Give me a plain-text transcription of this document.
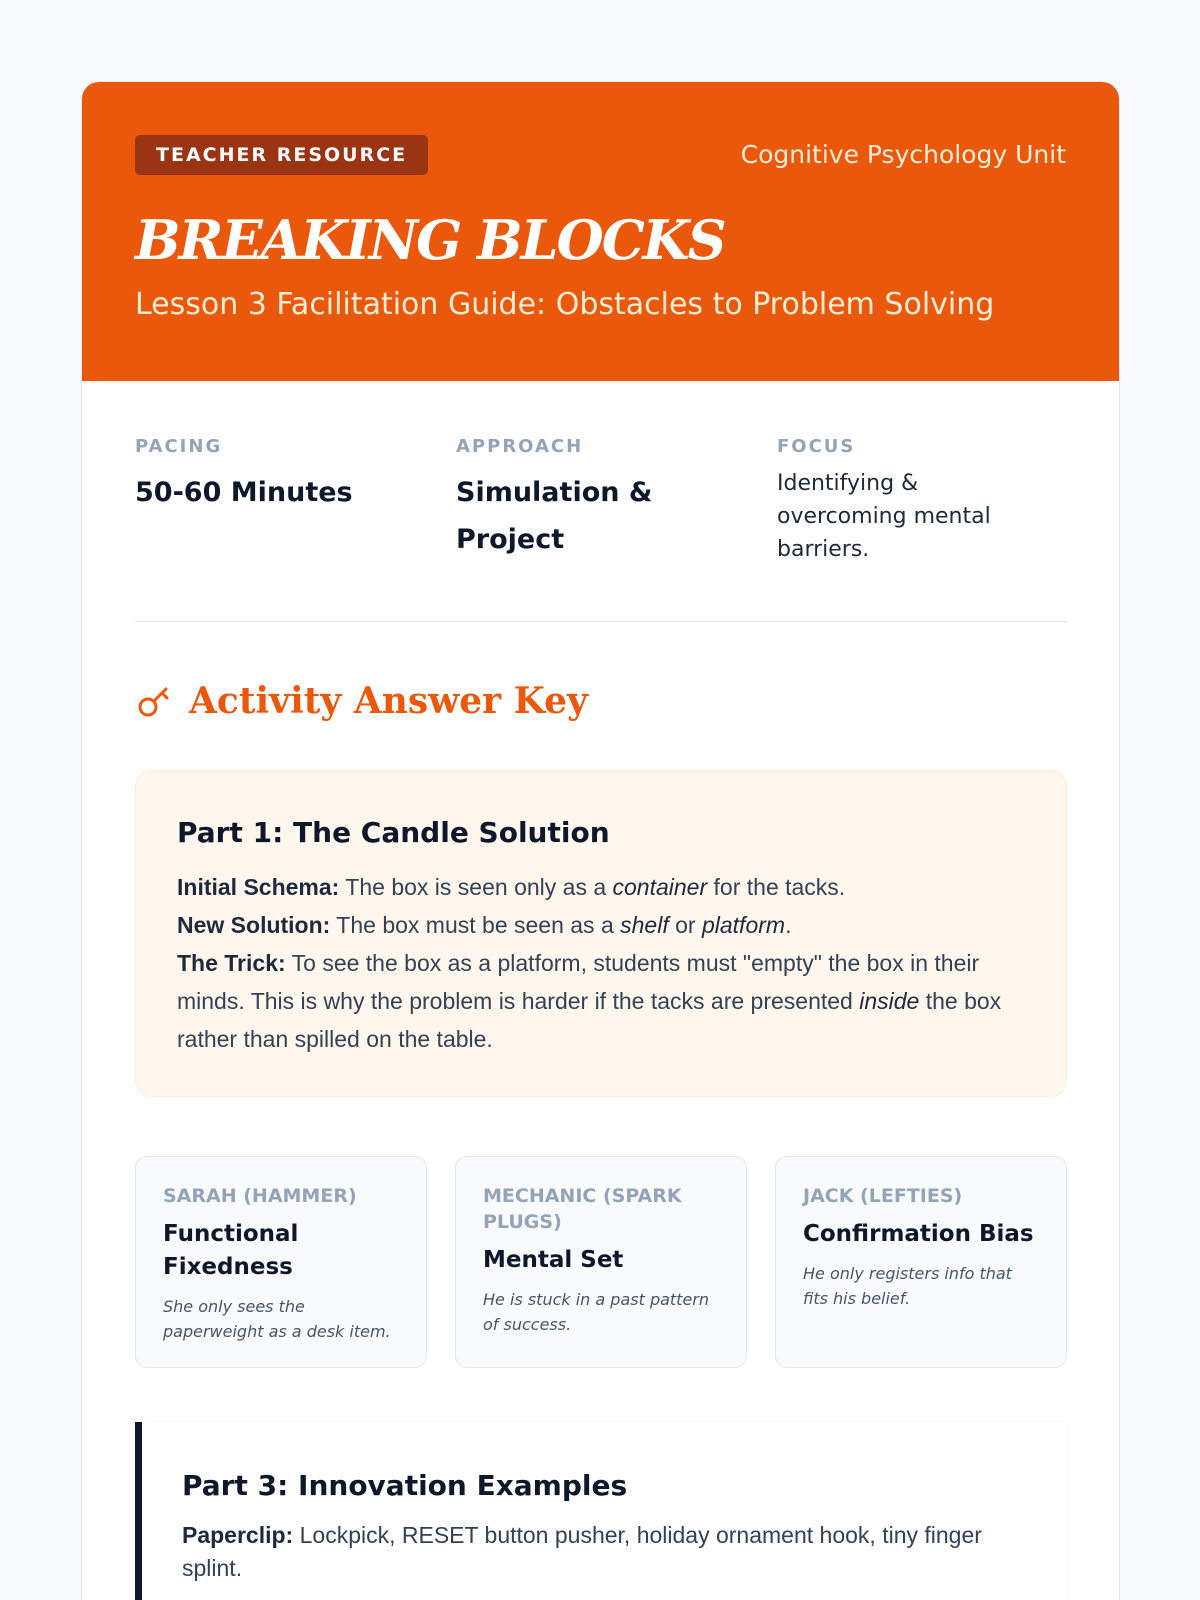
TEACHER RESOURCE	Cognitive Psychology Unit
BREAKING BLOCKS
Lesson 3 Facilitation Guide: Obstacles to Problem Solving
PACING
50-60 Minutes
APPROACH
Simulation & Project
FOCUS
Identifying & overcoming mental barriers.
Activity Answer Key
Part 1: The Candle Solution
Initial Schema: The box is seen only as a container for the tacks.
New Solution: The box must be seen as a shelf or platform.
The Trick: To see the box as a platform, students must "empty" the box in their minds. This is why the problem is harder if the tacks are presented inside the box rather than spilled on the table.
SARAH (HAMMER)
Functional Fixedness
She only sees the paperweight as a desk item.
MECHANIC (SPARK PLUGS)
Mental Set
He is stuck in a past pattern of success.
JACK (LEFTIES)
Confirmation Bias
He only registers info that fits his belief.
Part 3: Innovation Examples
Paperclip: Lockpick, RESET button pusher, holiday ornament hook, tiny finger splint.
